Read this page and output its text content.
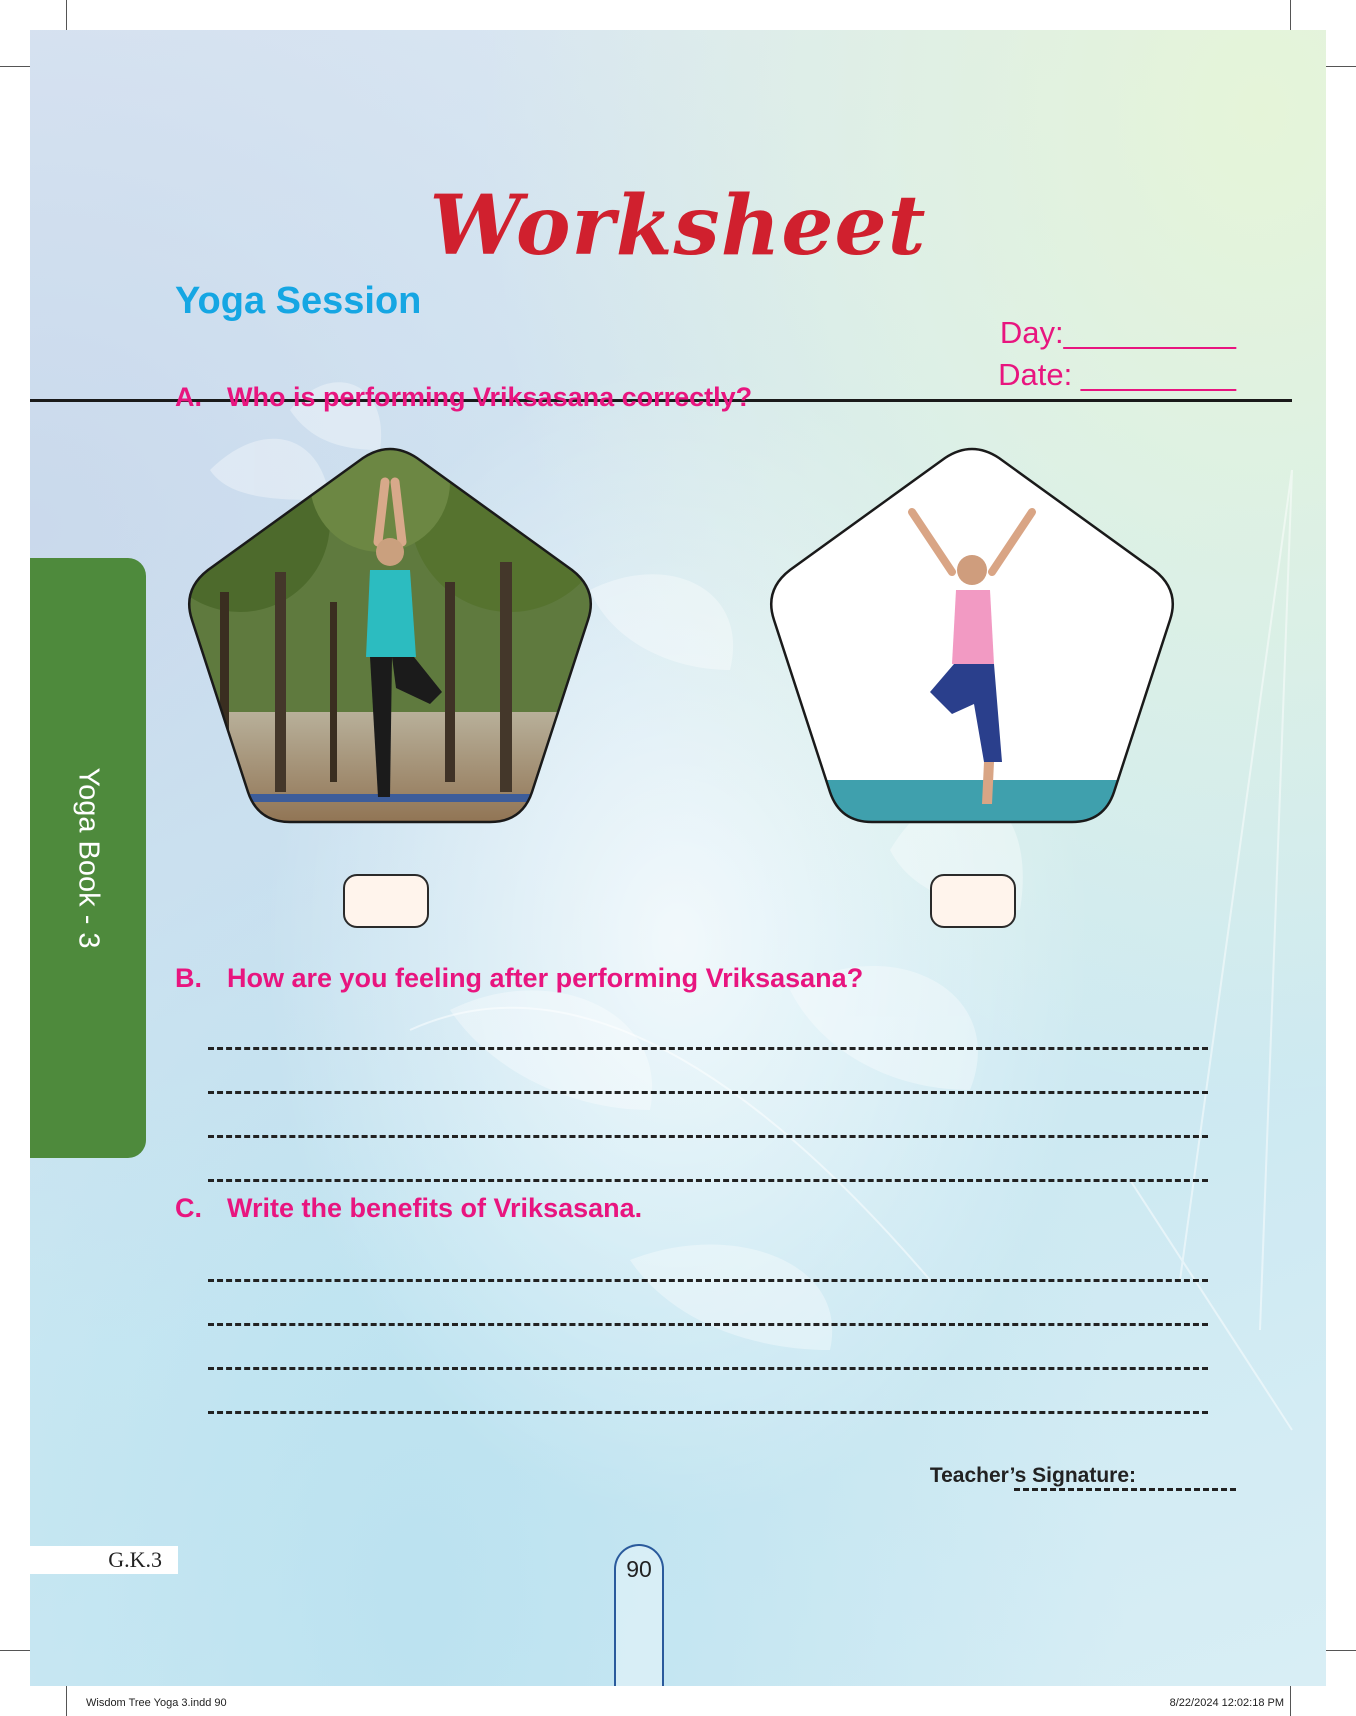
Worksheet
Yoga Session
Day:__________
Date: _________
A. Who is performing Vriksasana correctly?
B. How are you feeling after performing Vriksasana?
C. Write the benefits of Vriksasana.
Yoga Book - 3
Teacher’s Signature:
G.K.3	90
Wisdom Tree Yoga 3.indd 90	8/22/2024 12:02:18 PM
